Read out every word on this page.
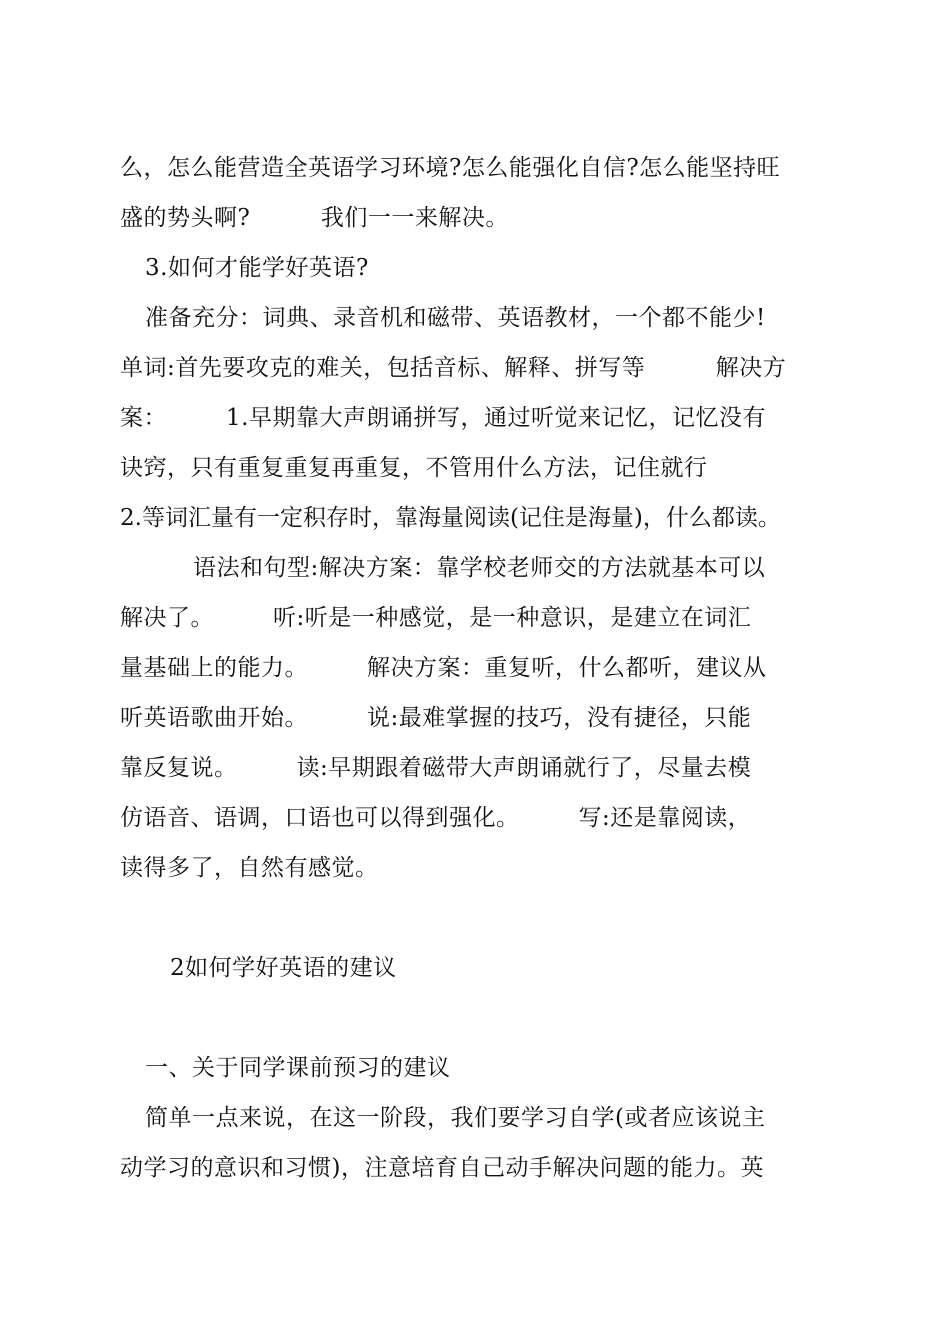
么，怎么能营造全英语学习环境?怎么能强化自信?怎么能坚持旺
盛的势头啊?　　　我们一一来解决。
3.如何才能学好英语?
准备充分：词典、录音机和磁带、英语教材，一个都不能少!
单词:首先要攻克的难关，包括音标、解释、拼写等　　　解决方
案：　　　1.早期靠大声朗诵拼写，通过听觉来记忆，记忆没有
诀窍，只有重复重复再重复，不管用什么方法，记住就行
2.等词汇量有一定积存时，靠海量阅读(记住是海量)，什么都读。
语法和句型:解决方案：靠学校老师交的方法就基本可以
解决了。　　　听:听是一种感觉，是一种意识，是建立在词汇
量基础上的能力。　　　解决方案：重复听，什么都听，建议从
听英语歌曲开始。　　　说:最难掌握的技巧，没有捷径，只能
靠反复说。　　　读:早期跟着磁带大声朗诵就行了，尽量去模
仿语音、语调，口语也可以得到强化。　　　写:还是靠阅读，
读得多了，自然有感觉。
2如何学好英语的建议
一、关于同学课前预习的建议
简单一点来说，在这一阶段，我们要学习自学(或者应该说主
动学习的意识和习惯)，注意培育自己动手解决问题的能力。英
